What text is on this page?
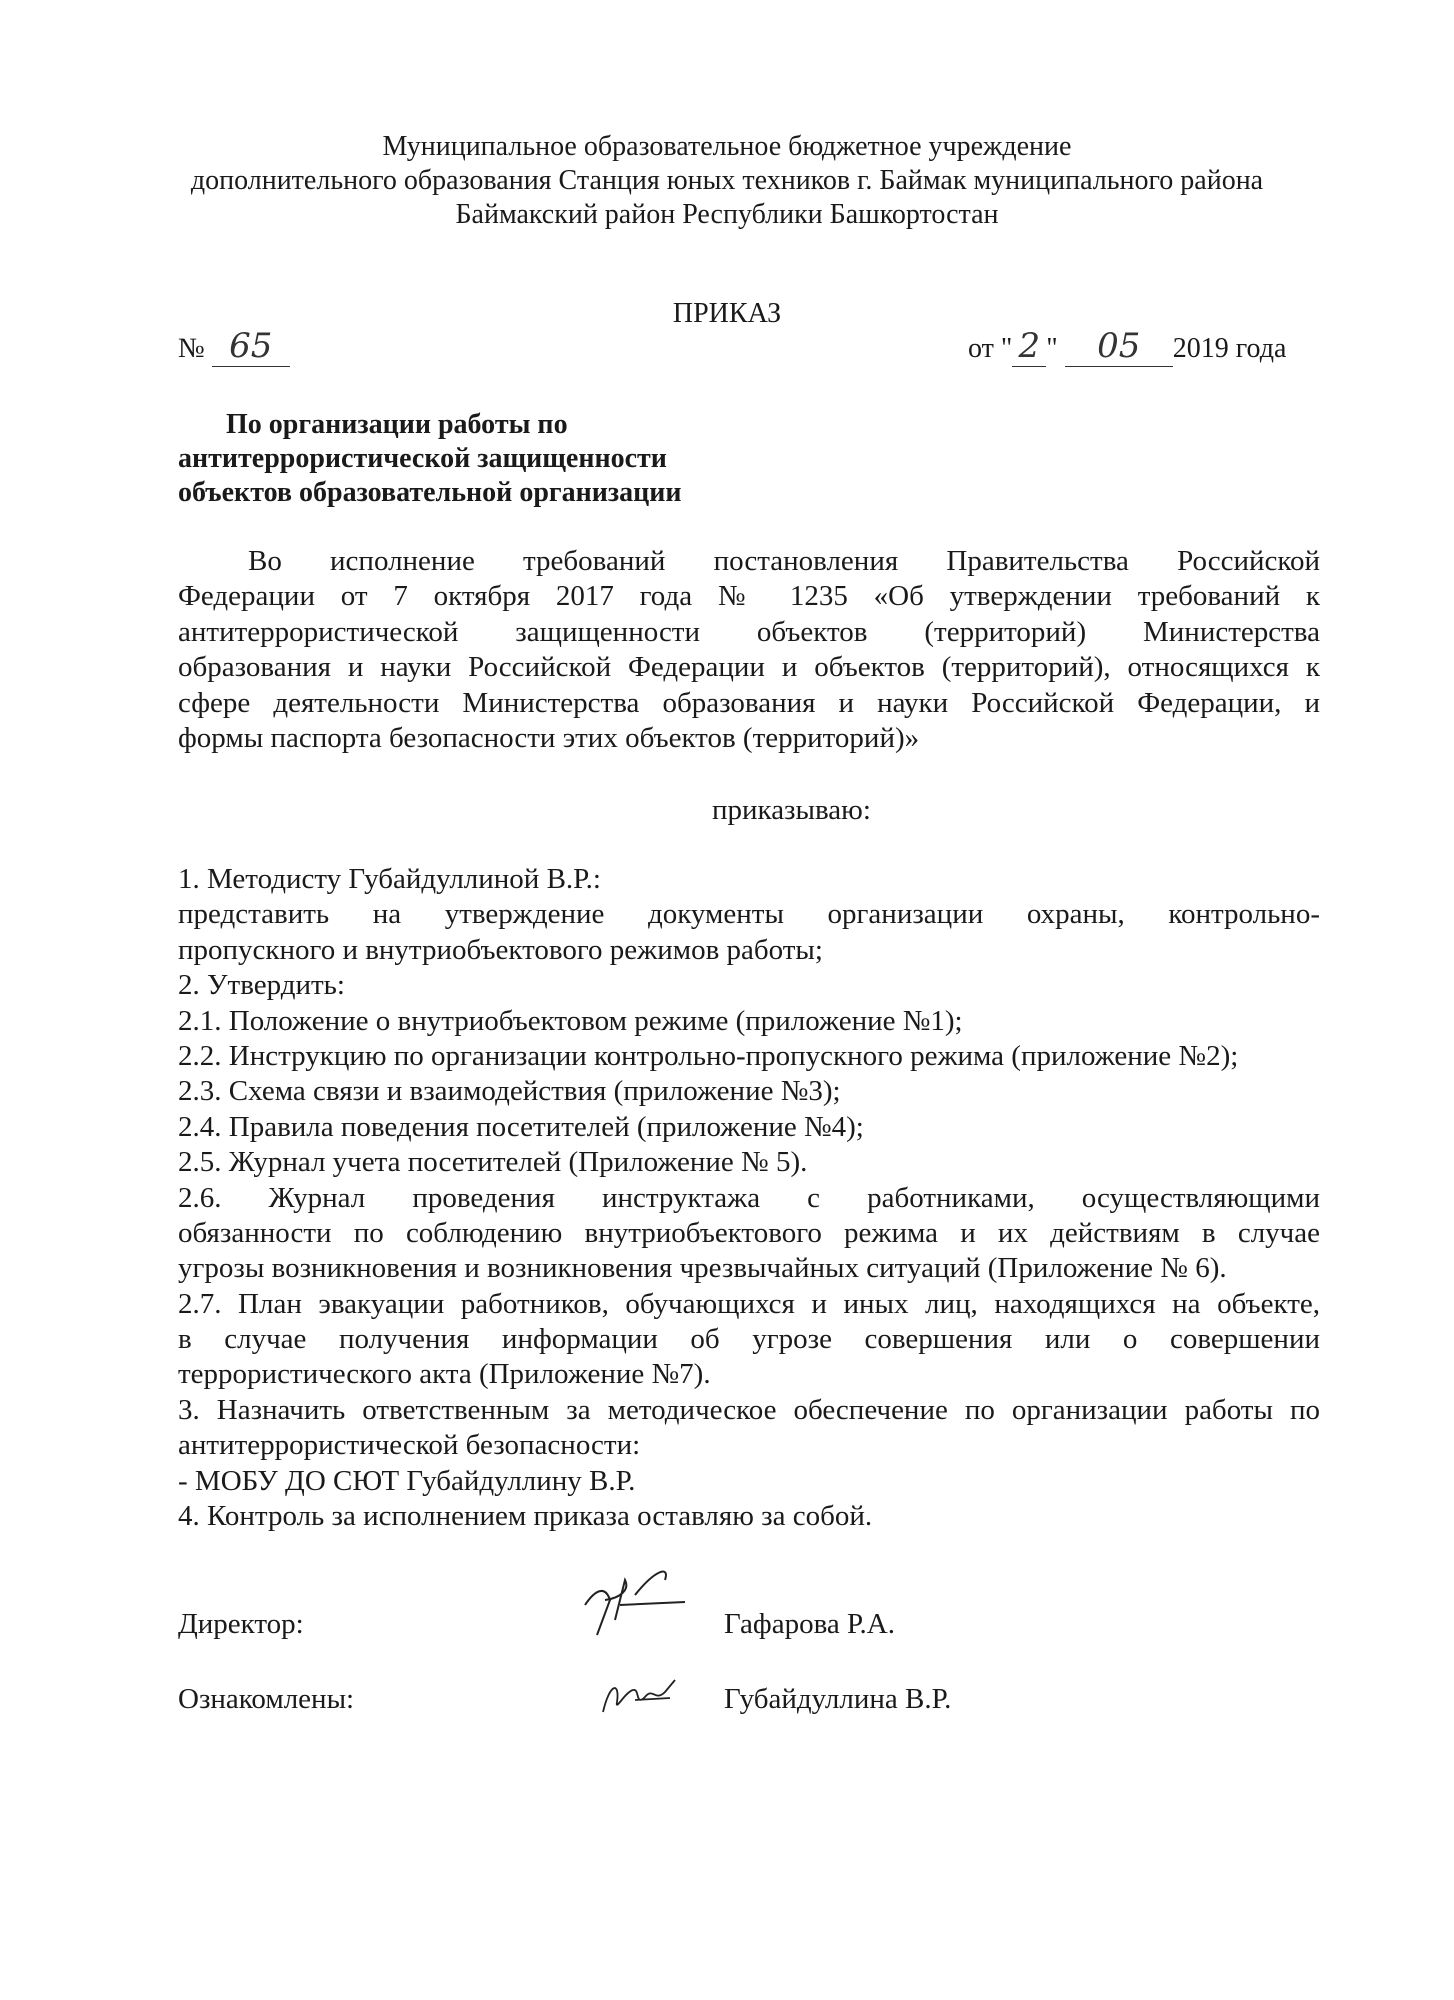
Муниципальное образовательное бюджетное учреждение
дополнительного образования Станция юных техников г. Баймак муниципального района
Баймакский район Республики Башкортостан
ПРИКАЗ
№ 65	от " 2 " 05 2019 года
По организации работы по
антитеррористической защищенности
объектов образовательной организации
Во исполнение требований постановления Правительства Российской
Федерации от 7 октября 2017 года № 1235 «Об утверждении требований к
антитеррористической защищенности объектов (территорий) Министерства
образования и науки Российской Федерации и объектов (территорий), относящихся к
сфере деятельности Министерства образования и науки Российской Федерации, и
формы паспорта безопасности этих объектов (территорий)»
приказываю:
1. Методисту Губайдуллиной В.Р.:
представить на утверждение документы организации охраны, контрольно-
пропускного и внутриобъектового режимов работы;
2. Утвердить:
2.1. Положение о внутриобъектовом режиме (приложение №1);
2.2. Инструкцию по организации контрольно-пропускного режима (приложение №2);
2.3. Схема связи и взаимодействия (приложение №3);
2.4. Правила поведения посетителей (приложение №4);
2.5. Журнал учета посетителей (Приложение № 5).
2.6. Журнал проведения инструктажа с работниками, осуществляющими
обязанности по соблюдению внутриобъектового режима и их действиям в случае
угрозы возникновения и возникновения чрезвычайных ситуаций (Приложение № 6).
2.7. План эвакуации работников, обучающихся и иных лиц, находящихся на объекте,
в случае получения информации об угрозе совершения или о совершении
террористического акта (Приложение №7).
3. Назначить ответственным за методическое обеспечение по организации работы по
антитеррористической безопасности:
- МОБУ ДО СЮТ Губайдуллину В.Р.
4. Контроль за исполнением приказа оставляю за собой.
Директор:	Гафарова Р.А.
Ознакомлены:	Губайдуллина В.Р.
